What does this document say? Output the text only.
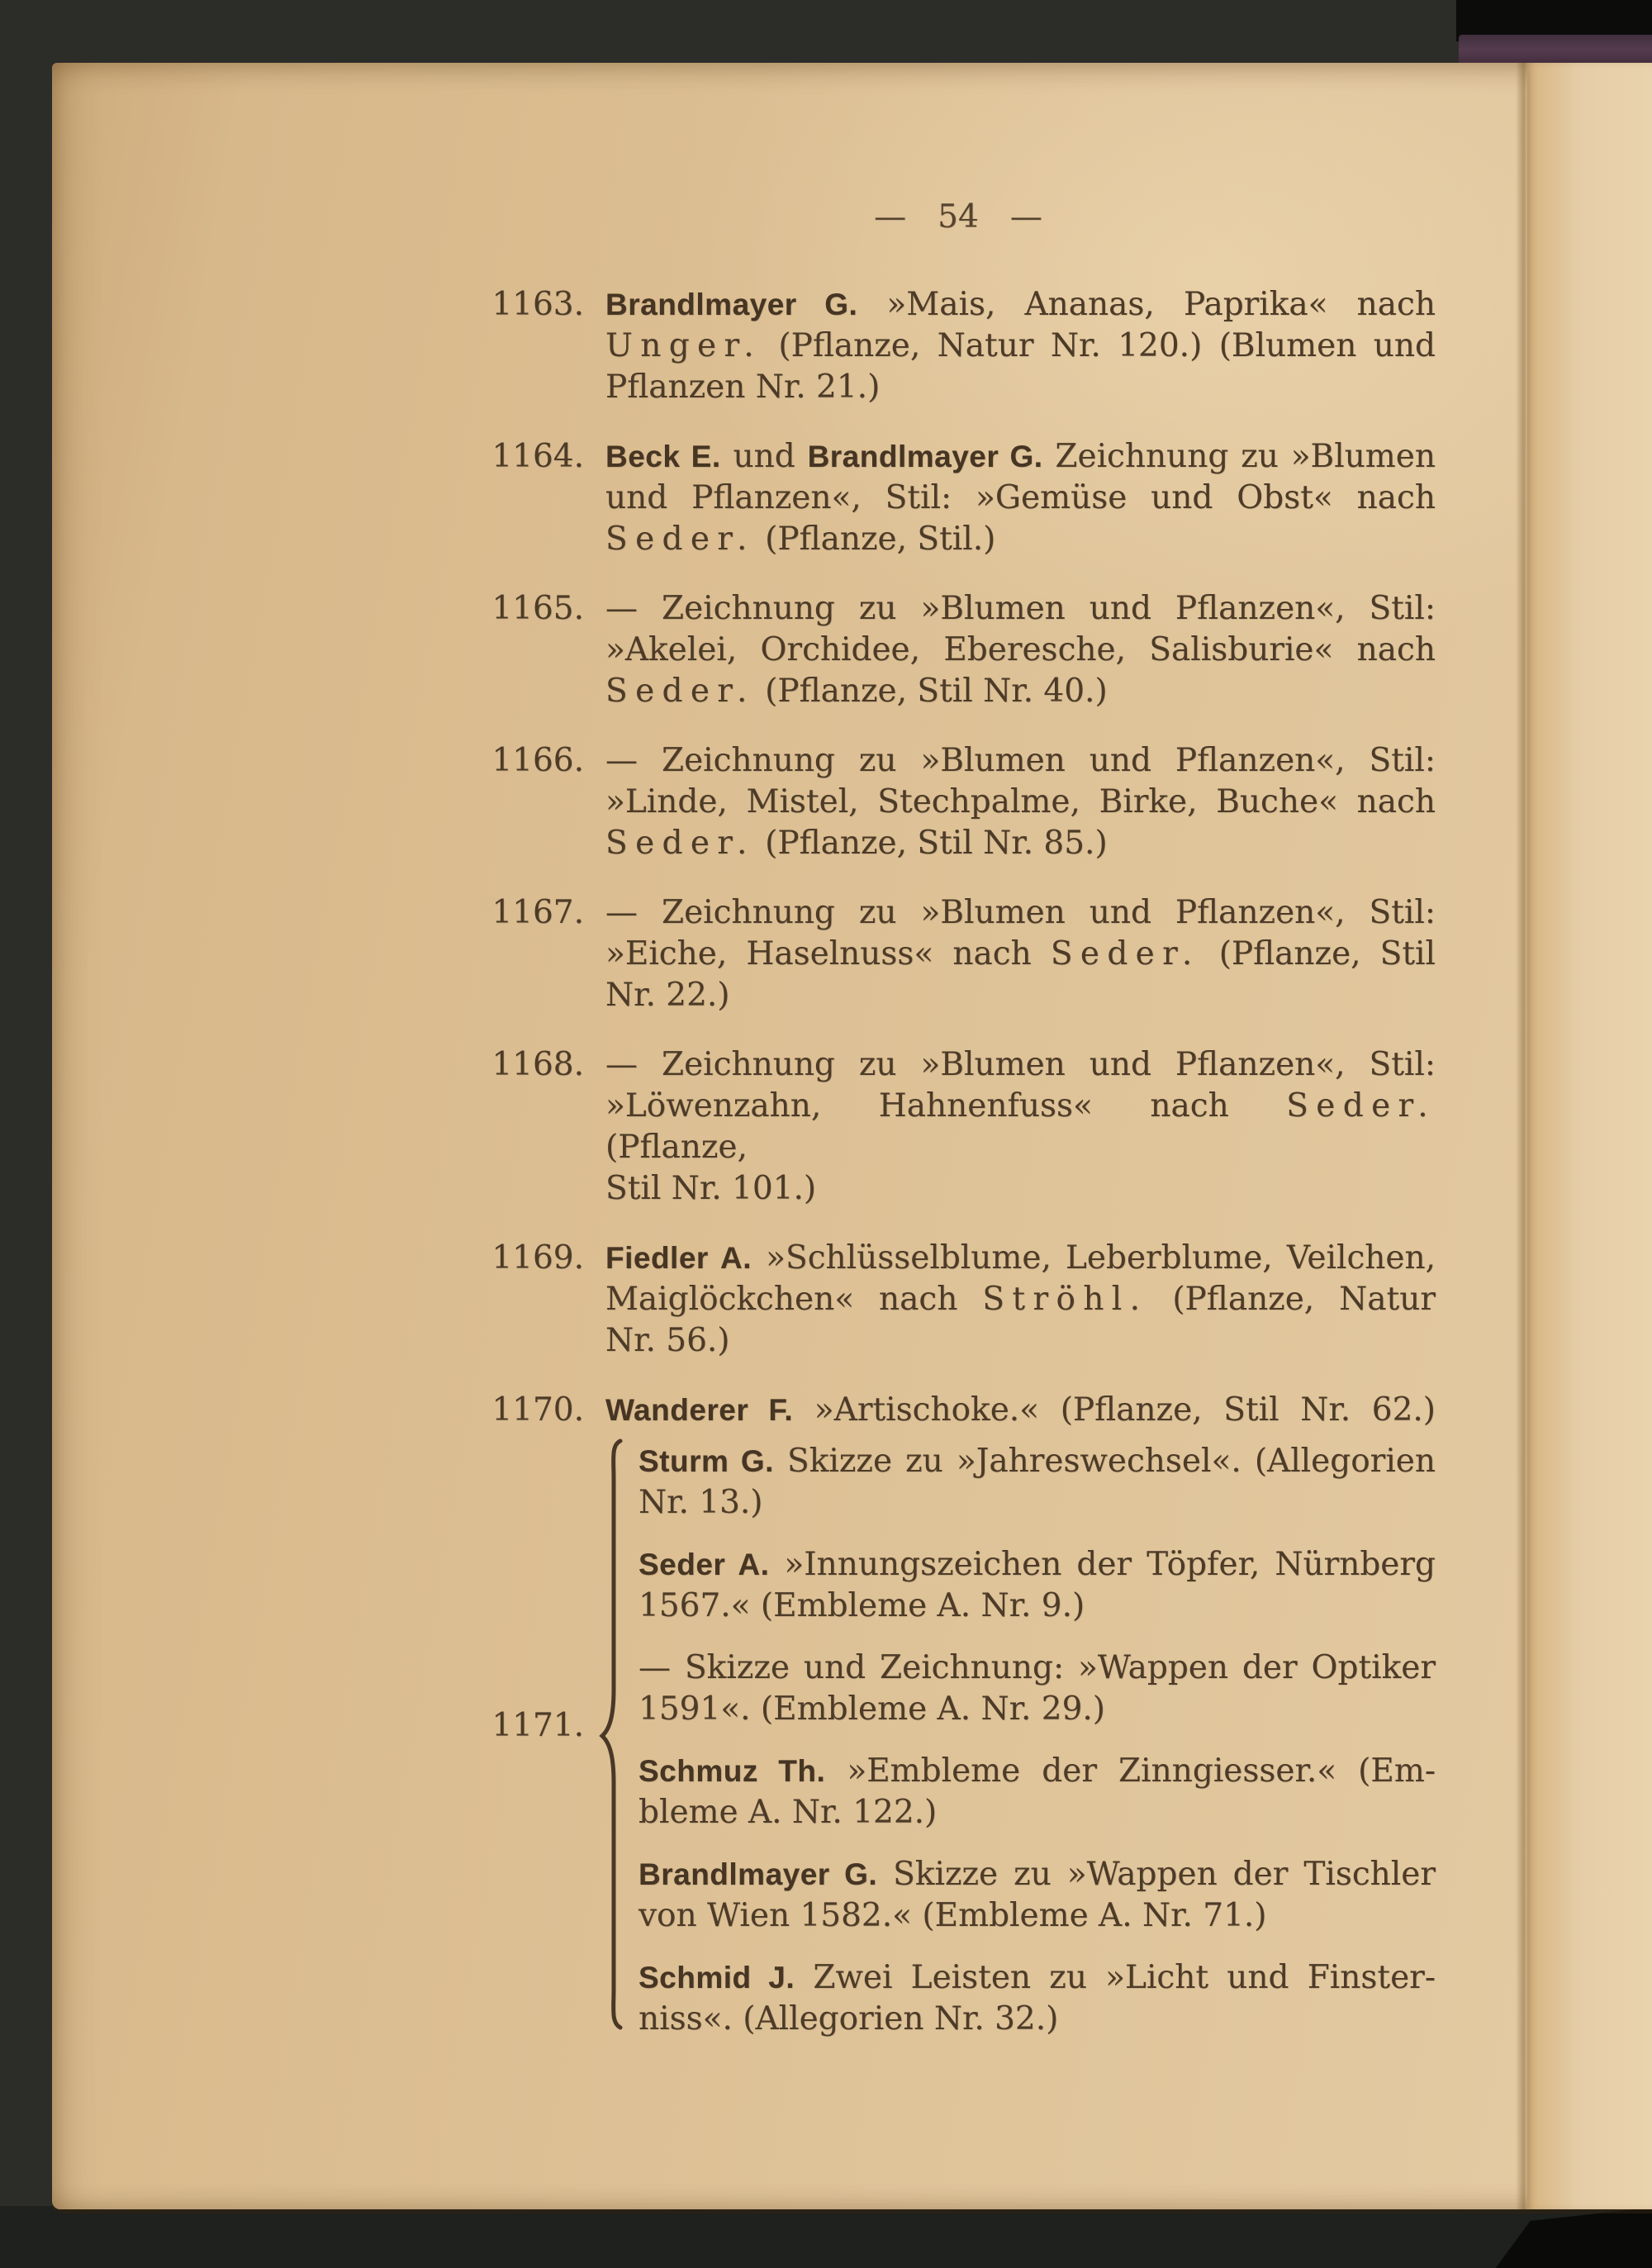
— 54 —
1163. Brandlmayer G. »Mais, Ananas, Paprika« nach
Unger. (Pflanze, Natur Nr. 120.) (Blumen und
Pflanzen Nr. 21.)
1164. Beck E. und Brandlmayer G. Zeichnung zu »Blumen
und Pflanzen«, Stil: »Gemüse und Obst« nach
Seder. (Pflanze, Stil.)
1165. — Zeichnung zu »Blumen und Pflanzen«, Stil:
»Akelei, Orchidee, Eberesche, Salisburie« nach
Seder. (Pflanze, Stil Nr. 40.)
1166. — Zeichnung zu »Blumen und Pflanzen«, Stil:
»Linde, Mistel, Stechpalme, Birke, Buche« nach
Seder. (Pflanze, Stil Nr. 85.)
1167. — Zeichnung zu »Blumen und Pflanzen«, Stil:
»Eiche, Haselnuss« nach Seder. (Pflanze, Stil
Nr. 22.)
1168. — Zeichnung zu »Blumen und Pflanzen«, Stil:
»Löwenzahn, Hahnenfuss« nach Seder. (Pflanze,
Stil Nr. 101.)
1169. Fiedler A. »Schlüsselblume, Leberblume, Veilchen,
Maiglöckchen« nach Ströhl. (Pflanze, Natur
Nr. 56.)
1170. Wanderer F. »Artischoke.« (Pflanze, Stil Nr. 62.)
1171.
Sturm G. Skizze zu »Jahreswechsel«. (Allegorien
Nr. 13.)
Seder A. »Innungszeichen der Töpfer, Nürnberg
1567.« (Embleme A. Nr. 9.)
— Skizze und Zeichnung: »Wappen der Optiker
1591«. (Embleme A. Nr. 29.)
Schmuz Th. »Embleme der Zinngiesser.« (Em-
bleme A. Nr. 122.)
Brandlmayer G. Skizze zu »Wappen der Tischler
von Wien 1582.« (Embleme A. Nr. 71.)
Schmid J. Zwei Leisten zu »Licht und Finster-
niss«. (Allegorien Nr. 32.)
